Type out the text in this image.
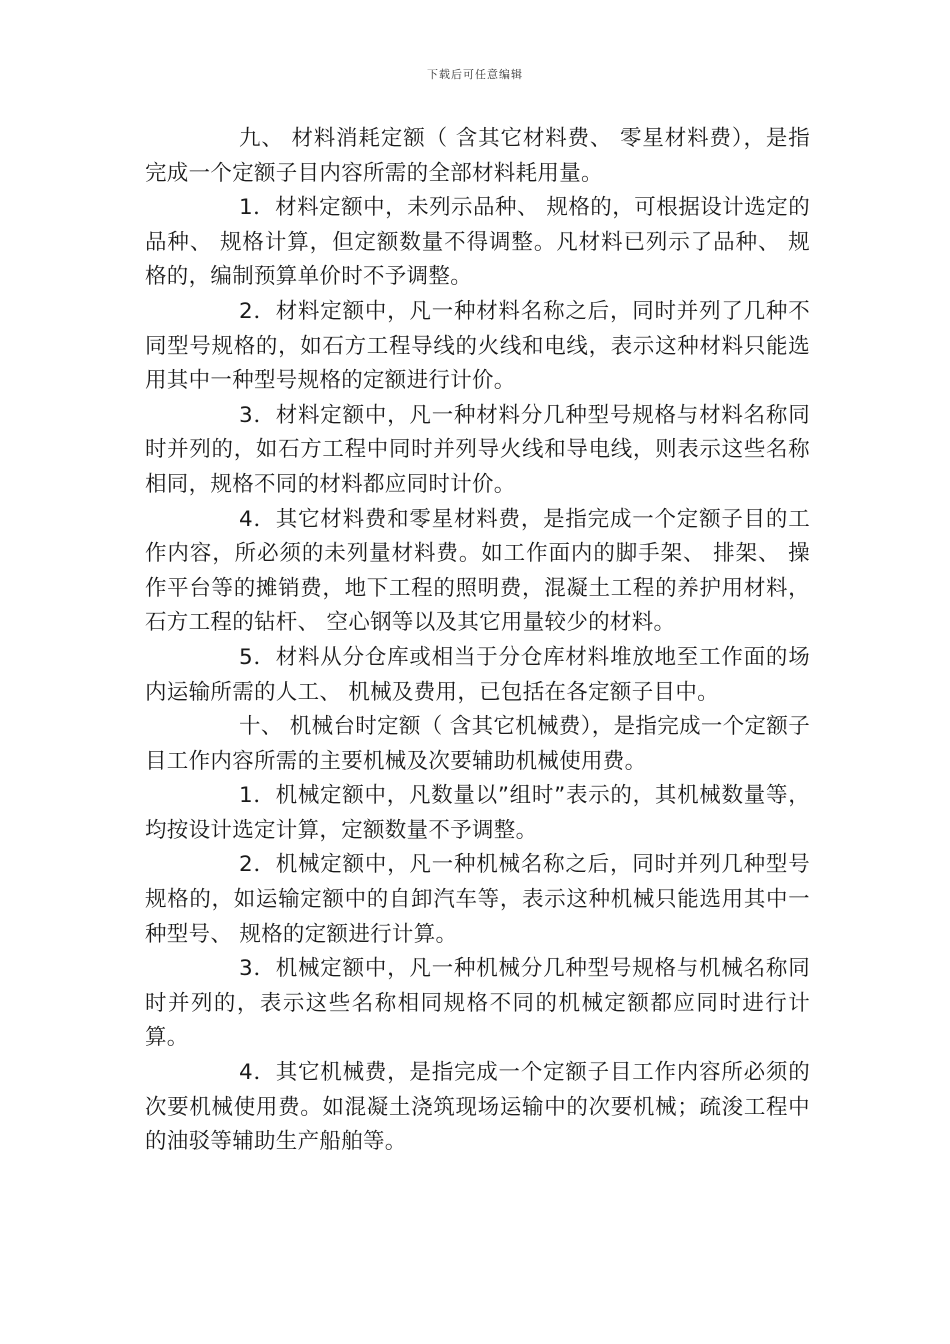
下载后可任意编辑

九、 材料消耗定额（ 含其它材料费、 零星材料费），是指完成一个定额子目内容所需的全部材料耗用量。

1．材料定额中，未列示品种、 规格的，可根据设计选定的品种、 规格计算，但定额数量不得调整。凡材料已列示了品种、 规格的，编制预算单价时不予调整。

2．材料定额中，凡一种材料名称之后，同时并列了几种不同型号规格的，如石方工程导线的火线和电线，表示这种材料只能选用其中一种型号规格的定额进行计价。

3．材料定额中，凡一种材料分几种型号规格与材料名称同时并列的，如石方工程中同时并列导火线和导电线，则表示这些名称相同，规格不同的材料都应同时计价。

4．其它材料费和零星材料费，是指完成一个定额子目的工作内容，所必须的未列量材料费。如工作面内的脚手架、 排架、 操作平台等的摊销费，地下工程的照明费，混凝土工程的养护用材料，石方工程的钻杆、 空心钢等以及其它用量较少的材料。

5．材料从分仓库或相当于分仓库材料堆放地至工作面的场内运输所需的人工、 机械及费用，已包括在各定额子目中。

十、 机械台时定额（ 含其它机械费），是指完成一个定额子目工作内容所需的主要机械及次要辅助机械使用费。

1．机械定额中，凡数量以”组时”表示的，其机械数量等，均按设计选定计算，定额数量不予调整。

2．机械定额中，凡一种机械名称之后，同时并列几种型号规格的，如运输定额中的自卸汽车等，表示这种机械只能选用其中一种型号、 规格的定额进行计算。

3．机械定额中，凡一种机械分几种型号规格与机械名称同时并列的，表示这些名称相同规格不同的机械定额都应同时进行计算。

4．其它机械费，是指完成一个定额子目工作内容所必须的次要机械使用费。如混凝土浇筑现场运输中的次要机械；疏浚工程中的油驳等辅助生产船舶等。
